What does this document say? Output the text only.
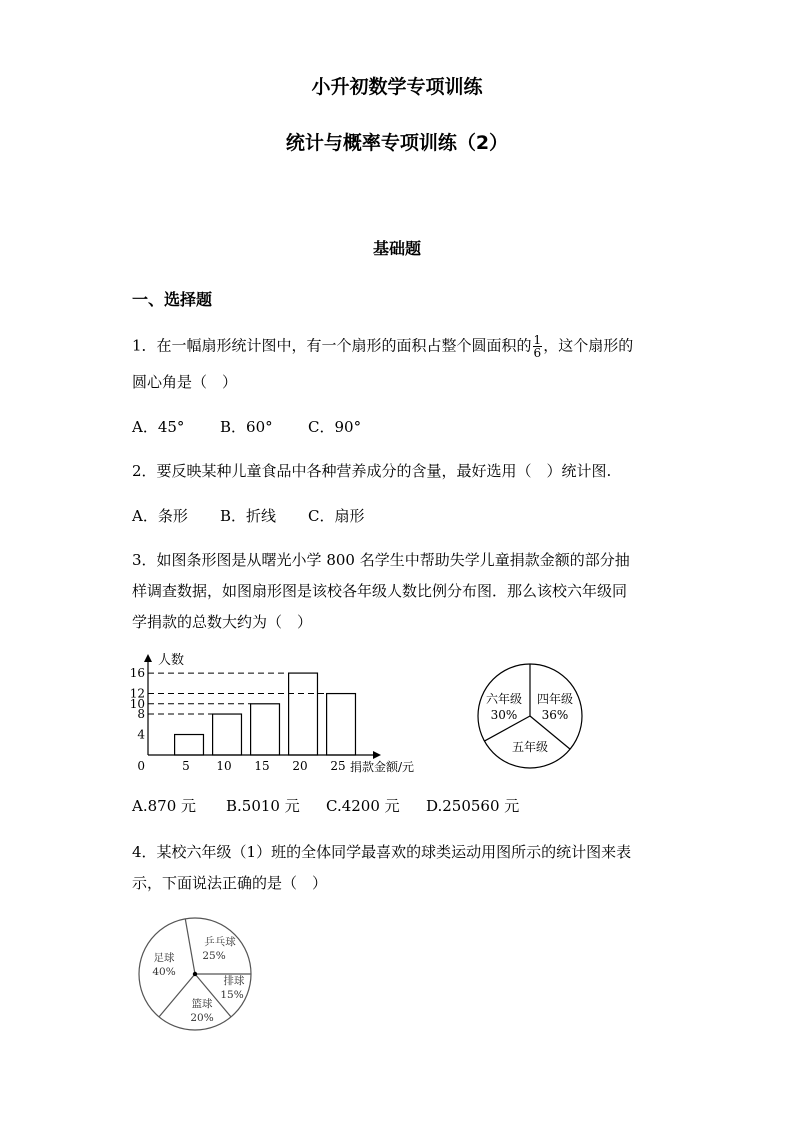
小升初数学专项训练
统计与概率专项训练（2）
基础题
一、选择题
1．在一幅扇形统计图中，有一个扇形的面积占整个圆面积的 $\frac{1}{6}$ ，这个扇形的
圆心角是（　）
A．45° B．60° C．90°
2．要反映某种儿童食品中各种营养成分的含量，最好选用（　）统计图.
A．条形 B．折线 C．扇形
3．如图条形图是从曙光小学 800 名学生中帮助失学儿童捐款金额的部分抽
样调查数据，如图扇形图是该校各年级人数比例分布图．那么该校六年级同
学捐款的总数大约为（　）
人数
捐款金额/元
0
4
8
10
12
16
5 10 15 20 25
六年级
30%
四年级
36%
五年级
A.870 元 B.5010 元 C.4200 元 D.250560 元
4．某校六年级（1）班的全体同学最喜欢的球类运动用图所示的统计图来表
示，下面说法正确的是（　）
乒乓球
25%
排球
15%
篮球
20%
足球
40%
